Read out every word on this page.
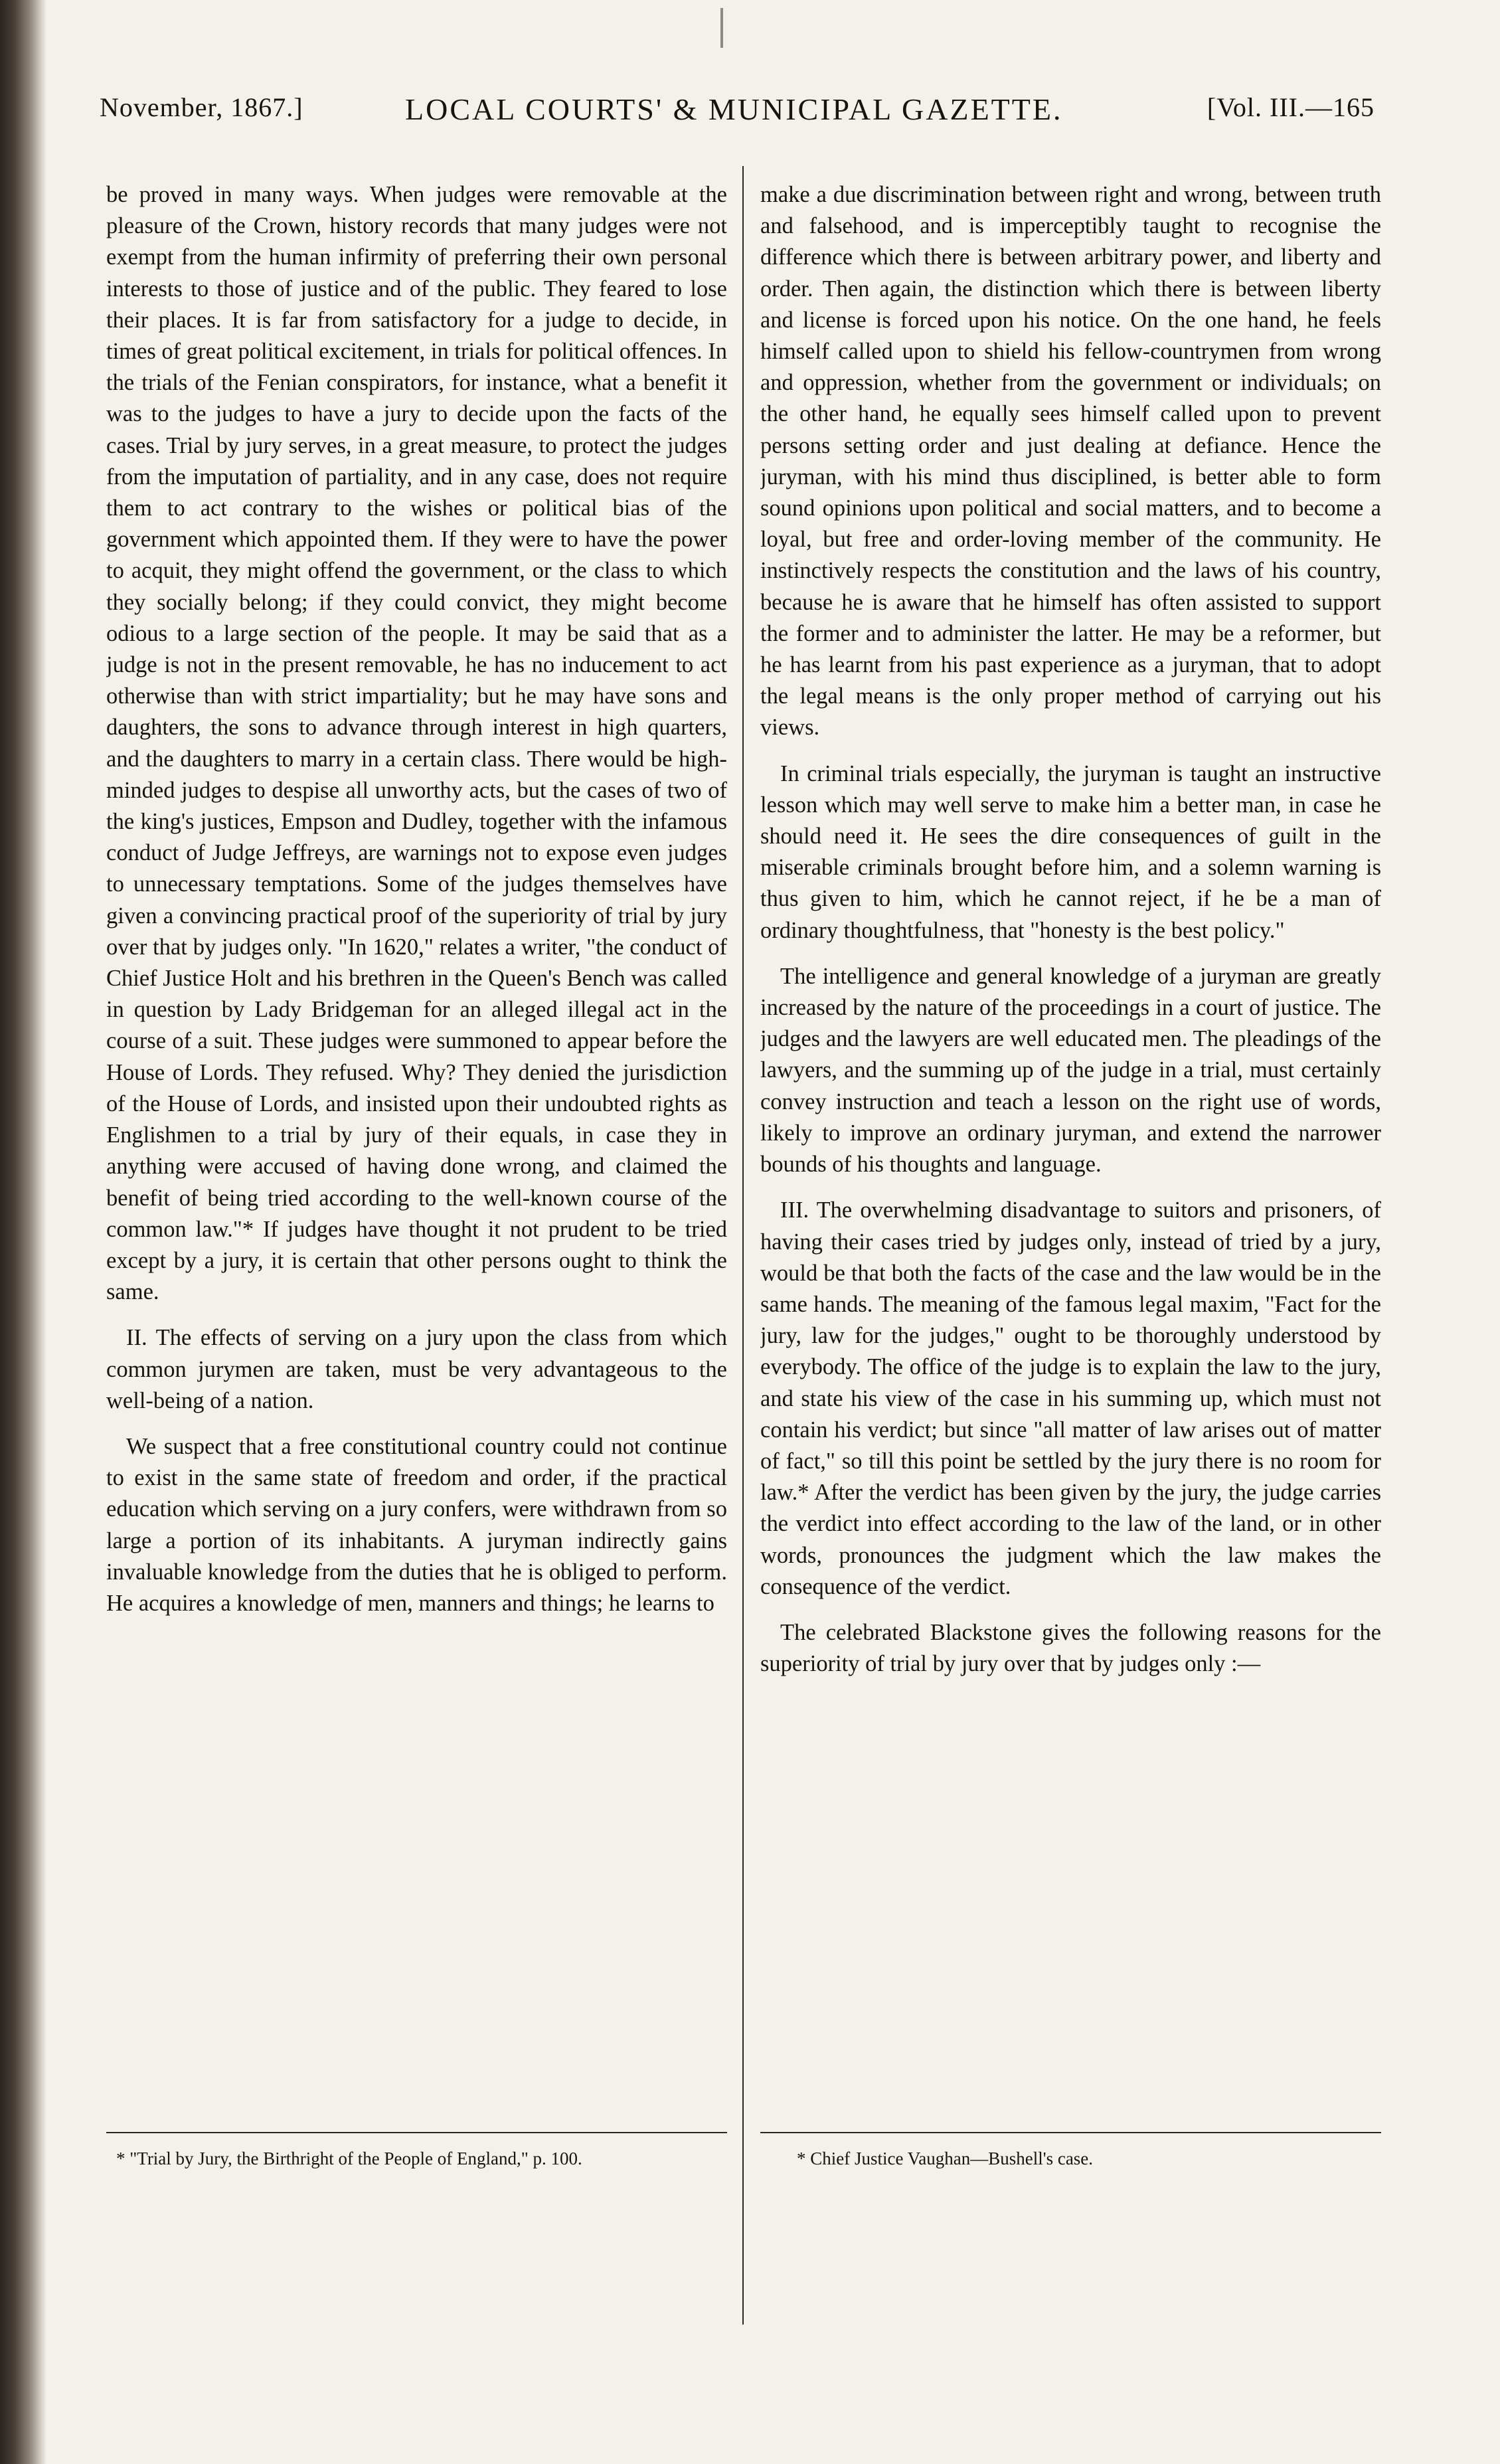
November, 1867.]	LOCAL COURTS' & MUNICIPAL GAZETTE.	[Vol. III.—165

be proved in many ways. When judges were removable at the pleasure of the Crown, history records that many judges were not exempt from the human infirmity of preferring their own personal interests to those of justice and of the public. They feared to lose their places. It is far from satisfactory for a judge to decide, in times of great political excitement, in trials for political offences. In the trials of the Fenian conspirators, for instance, what a benefit it was to the judges to have a jury to decide upon the facts of the cases. Trial by jury serves, in a great measure, to protect the judges from the imputation of partiality, and in any case, does not require them to act contrary to the wishes or political bias of the government which appointed them. If they were to have the power to acquit, they might offend the government, or the class to which they socially belong; if they could convict, they might become odious to a large section of the people. It may be said that as a judge is not in the present removable, he has no inducement to act otherwise than with strict impartiality; but he may have sons and daughters, the sons to advance through interest in high quarters, and the daughters to marry in a certain class. There would be high-minded judges to despise all unworthy acts, but the cases of two of the king's justices, Empson and Dudley, together with the infamous conduct of Judge Jeffreys, are warnings not to expose even judges to unnecessary temptations. Some of the judges themselves have given a convincing practical proof of the superiority of trial by jury over that by judges only. "In 1620," relates a writer, "the conduct of Chief Justice Holt and his brethren in the Queen's Bench was called in question by Lady Bridgeman for an alleged illegal act in the course of a suit. These judges were summoned to appear before the House of Lords. They refused. Why? They denied the jurisdiction of the House of Lords, and insisted upon their undoubted rights as Englishmen to a trial by jury of their equals, in case they in anything were accused of having done wrong, and claimed the benefit of being tried according to the well-known course of the common law."* If judges have thought it not prudent to be tried except by a jury, it is certain that other persons ought to think the same.

II. The effects of serving on a jury upon the class from which common jurymen are taken, must be very advantageous to the well-being of a nation.

We suspect that a free constitutional country could not continue to exist in the same state of freedom and order, if the practical education which serving on a jury confers, were withdrawn from so large a portion of its inhabitants. A juryman indirectly gains invaluable knowledge from the duties that he is obliged to perform. He acquires a knowledge of men, manners and things; he learns to

make a due discrimination between right and wrong, between truth and falsehood, and is imperceptibly taught to recognise the difference which there is between arbitrary power, and liberty and order. Then again, the distinction which there is between liberty and license is forced upon his notice. On the one hand, he feels himself called upon to shield his fellow-countrymen from wrong and oppression, whether from the government or individuals; on the other hand, he equally sees himself called upon to prevent persons setting order and just dealing at defiance. Hence the juryman, with his mind thus disciplined, is better able to form sound opinions upon political and social matters, and to become a loyal, but free and order-loving member of the community. He instinctively respects the constitution and the laws of his country, because he is aware that he himself has often assisted to support the former and to administer the latter. He may be a reformer, but he has learnt from his past experience as a juryman, that to adopt the legal means is the only proper method of carrying out his views.

In criminal trials especially, the juryman is taught an instructive lesson which may well serve to make him a better man, in case he should need it. He sees the dire consequences of guilt in the miserable criminals brought before him, and a solemn warning is thus given to him, which he cannot reject, if he be a man of ordinary thoughtfulness, that "honesty is the best policy."

The intelligence and general knowledge of a juryman are greatly increased by the nature of the proceedings in a court of justice. The judges and the lawyers are well educated men. The pleadings of the lawyers, and the summing up of the judge in a trial, must certainly convey instruction and teach a lesson on the right use of words, likely to improve an ordinary juryman, and extend the narrower bounds of his thoughts and language.

III. The overwhelming disadvantage to suitors and prisoners, of having their cases tried by judges only, instead of tried by a jury, would be that both the facts of the case and the law would be in the same hands. The meaning of the famous legal maxim, "Fact for the jury, law for the judges," ought to be thoroughly understood by everybody. The office of the judge is to explain the law to the jury, and state his view of the case in his summing up, which must not contain his verdict; but since "all matter of law arises out of matter of fact," so till this point be settled by the jury there is no room for law.* After the verdict has been given by the jury, the judge carries the verdict into effect according to the law of the land, or in other words, pronounces the judgment which the law makes the consequence of the verdict.

The celebrated Blackstone gives the following reasons for the superiority of trial by jury over that by judges only :—

* "Trial by Jury, the Birthright of the People of England," p. 100.	* Chief Justice Vaughan—Bushell's case.
